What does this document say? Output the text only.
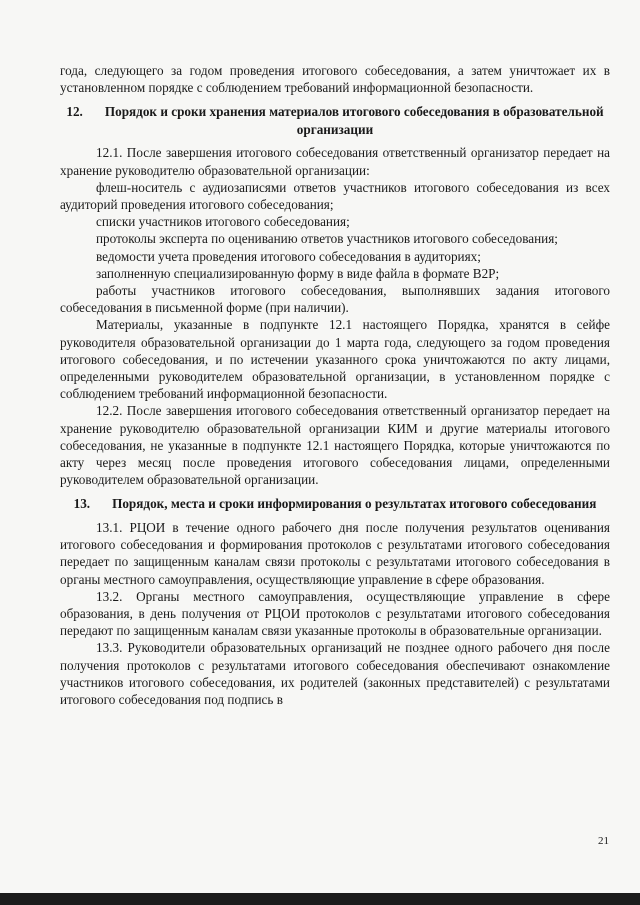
года, следующего за годом проведения итогового собеседования, а затем уничтожает их в установленном порядке с соблюдением требований информационной безопасности.

12. Порядок и сроки хранения материалов итогового собеседования в образовательной организации

12.1. После завершения итогового собеседования ответственный организатор передает на хранение руководителю образовательной организации:

флеш-носитель с аудиозаписями ответов участников итогового собеседования из всех аудиторий проведения итогового собеседования;

списки участников итогового собеседования;

протоколы эксперта по оцениванию ответов участников итогового собеседования;

ведомости учета проведения итогового собеседования в аудиториях;

заполненную специализированную форму в виде файла в формате B2P;

работы участников итогового собеседования, выполнявших задания итогового собеседования в письменной форме (при наличии).

Материалы, указанные в подпункте 12.1 настоящего Порядка, хранятся в сейфе руководителя образовательной организации до 1 марта года, следующего за годом проведения итогового собеседования, и по истечении указанного срока уничтожаются по акту лицами, определенными руководителем образовательной организации, в установленном порядке с соблюдением требований информационной безопасности.

12.2. После завершения итогового собеседования ответственный организатор передает на хранение руководителю образовательной организации КИМ и другие материалы итогового собеседования, не указанные в подпункте 12.1 настоящего Порядка, которые уничтожаются по акту через месяц после проведения итогового собеседования лицами, определенными руководителем образовательной организации.

13. Порядок, места и сроки информирования о результатах итогового собеседования

13.1. РЦОИ в течение одного рабочего дня после получения результатов оценивания итогового собеседования и формирования протоколов с результатами итогового собеседования передает по защищенным каналам связи протоколы с результатами итогового собеседования в органы местного самоуправления, осуществляющие управление в сфере образования.

13.2. Органы местного самоуправления, осуществляющие управление в сфере образования, в день получения от РЦОИ протоколов с результатами итогового собеседования передают по защищенным каналам связи указанные протоколы в образовательные организации.

13.3. Руководители образовательных организаций не позднее одного рабочего дня после получения протоколов с результатами итогового собеседования обеспечивают ознакомление участников итогового собеседования, их родителей (законных представителей) с результатами итогового собеседования под подпись в

21
